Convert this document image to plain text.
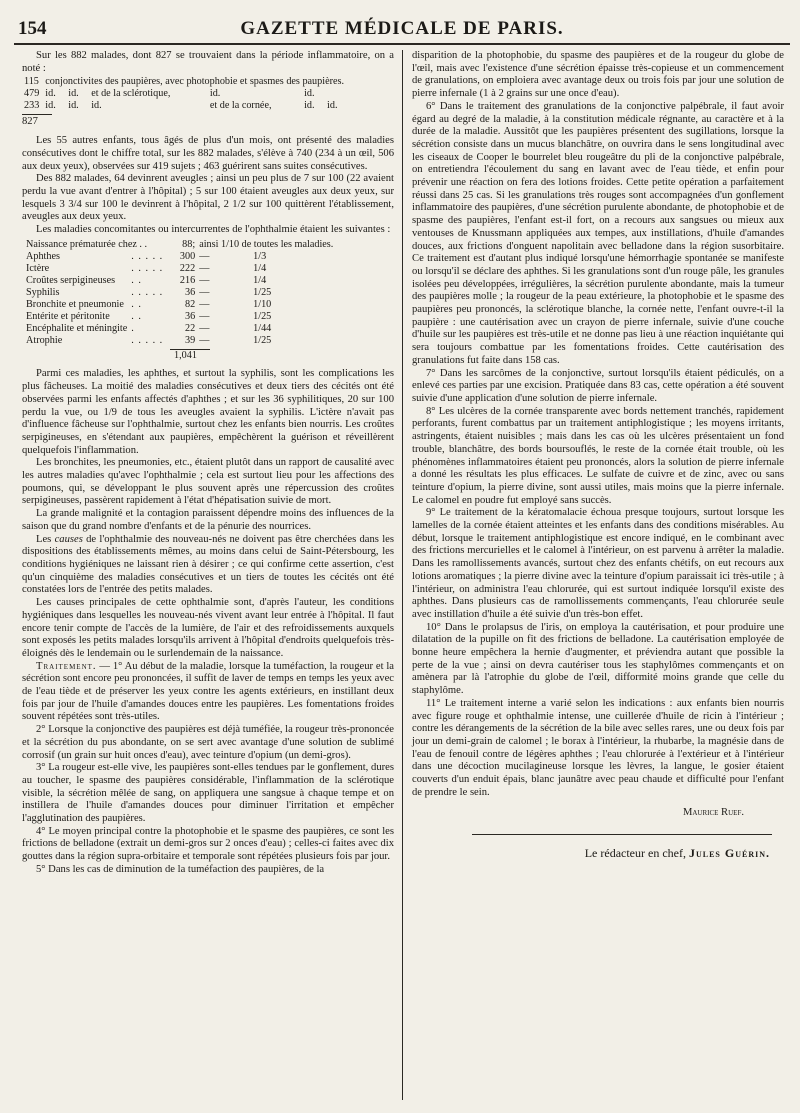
154	GAZETTE MÉDICALE DE PARIS.

Sur les 882 malades, dont 827 se trouvaient dans la période inflammatoire, on a noté :

115	conjonctivites des paupières, avec photophobie et spasmes des paupières.					
479	id.	id.	et de la sclérotique,	id.	id.	
233	id.	id.	id.	et de la cornée,	id.	id.
827

Les 55 autres enfants, tous âgés de plus d'un mois, ont présenté des maladies consécutives dont le chiffre total, sur les 882 malades, s'élève à 740 (234 à un œil, 506 aux deux yeux), observées sur 419 sujets ; 463 guérirent sans suites consécutives.

Des 882 malades, 64 devinrent aveugles ; ainsi un peu plus de 7 sur 100 (22 avaient perdu la vue avant d'entrer à l'hôpital) ; 5 sur 100 étaient aveugles aux deux yeux, sur lesquels 3 3/4 sur 100 le devinrent à l'hôpital, 2 1/2 sur 100 quittèrent l'établissement, aveugles aux deux yeux.

Les maladies concomitantes ou intercurrentes de l'ophthalmie étaient les suivantes :

Naissance prématurée chez . .		88;	ainsi 1/10 de toutes les maladies.	
Aphthes	. . . . .	300	—	1/3
Ictère	. . . . .	222	—	1/4
Croûtes serpigineuses	. .	216	—	1/4
Syphilis	. . . . .	36	—	1/25
Bronchite et pneumonie	. .	82	—	1/10
Entérite et péritonite	. .	36	—	1/25
Encéphalite et méningite	.	22	—	1/44
Atrophie	. . . . .	39	—	1/25
1,041

Parmi ces maladies, les aphthes, et surtout la syphilis, sont les complications les plus fâcheuses. La moitié des maladies consécutives et deux tiers des cécités ont été observées parmi les enfants affectés d'aphthes ; et sur les 36 syphilitiques, 20 sur 100 perdu la vue, ou 1/9 de tous les aveugles avaient la syphilis. L'ictère n'avait pas d'influence fâcheuse sur l'ophthalmie, surtout chez les enfants bien nourris. Les croûtes serpigineuses, en s'étendant aux paupières, empêchèrent la guérison et réveillèrent quelquefois l'inflammation.

Les bronchites, les pneumonies, etc., étaient plutôt dans un rapport de causalité avec les autres maladies qu'avec l'ophthalmie ; cela est surtout lieu pour les affections des poumons, qui, se développant le plus souvent après une répercussion des croûtes serpigineuses, passèrent rapidement à l'état d'hépatisation suivie de mort.

La grande malignité et la contagion paraissent dépendre moins des influences de la saison que du grand nombre d'enfants et de la pénurie des nourrices.

Les causes de l'ophthalmie des nouveau-nés ne doivent pas être cherchées dans les dispositions des établissements mêmes, au moins dans celui de Saint-Pétersbourg, les conditions hygiéniques ne laissant rien à désirer ; ce qui confirme cette assertion, c'est qu'un cinquième des maladies consécutives et un tiers de toutes les cécités ont été constatées lors de l'entrée des petits malades.

Les causes principales de cette ophthalmie sont, d'après l'auteur, les conditions hygiéniques dans lesquelles les nouveau-nés vivent avant leur entrée à l'hôpital. Il faut encore tenir compte de l'accès de la lumière, de l'air et des refroidissements auxquels sont exposés les petits malades lorsqu'ils arrivent à l'hôpital d'endroits quelquefois très-éloignés dès le lendemain ou le surlendemain de la naissance.

Traitement. — 1° Au début de la maladie, lorsque la tuméfaction, la rougeur et la sécrétion sont encore peu prononcées, il suffit de laver de temps en temps les yeux avec de l'eau tiède et de préserver les yeux contre les agents extérieurs, en instillant deux fois par jour de l'huile d'amandes douces entre les paupières. Les fomentations froides souvent répétées sont très-utiles.

2° Lorsque la conjonctive des paupières est déjà tuméfiée, la rougeur très-prononcée et la sécrétion du pus abondante, on se sert avec avantage d'une solution de sublimé corrosif (un grain sur huit onces d'eau), avec teinture d'opium (un demi-gros).

3° La rougeur est-elle vive, les paupières sont-elles tendues par le gonflement, dures au toucher, le spasme des paupières considérable, l'inflammation de la sclérotique visible, la sécrétion mêlée de sang, on appliquera une sangsue à chaque tempe et on instillera de l'huile d'amandes douces pour diminuer l'irritation et empêcher l'agglutination des paupières.

4° Le moyen principal contre la photophobie et le spasme des paupières, ce sont les frictions de belladone (extrait un demi-gros sur 2 onces d'eau) ; celles-ci faites avec dix gouttes dans la région supra-orbitaire et temporale sont répétées plusieurs fois par jour.

5° Dans les cas de diminution de la tuméfaction des paupières, de la

disparition de la photophobie, du spasme des paupières et de la rougeur du globe de l'œil, mais avec l'existence d'une sécrétion épaisse très-copieuse et un commencement de granulations, on emploiera avec avantage deux ou trois fois par jour une solution de pierre infernale (1 à 2 grains sur une once d'eau).

6° Dans le traitement des granulations de la conjonctive palpébrale, il faut avoir égard au degré de la maladie, à la constitution médicale régnante, au caractère et à la durée de la maladie. Aussitôt que les paupières présentent des sugillations, lorsque la sécrétion consiste dans un mucus blanchâtre, on ouvrira dans le sens longitudinal avec les ciseaux de Cooper le bourrelet bleu rougeâtre du pli de la conjonctive palpébrale, on entretiendra l'écoulement du sang en lavant avec de l'eau tiède, et enfin pour prévenir une réaction on fera des lotions froides. Cette petite opération a parfaitement réussi dans 25 cas. Si les granulations très rouges sont accompagnées d'un gonflement inflammatoire des paupières, d'une sécrétion purulente abondante, de photophobie et de spasme des paupières, l'enfant est-il fort, on a recours aux sangsues ou mieux aux ventouses de Knussmann appliquées aux tempes, aux instillations, d'huile d'amandes douces, aux frictions d'onguent napolitain avec belladone dans la région susorbitaire. Ce traitement est d'autant plus indiqué lorsqu'une hémorrhagie spontanée se manifeste ou lorsqu'il se déclare des aphthes. Si les granulations sont d'un rouge pâle, les granules isolées peu développées, irrégulières, la sécrétion purulente abondante, mais la tumeur des paupières molle ; la rougeur de la peau extérieure, la photophobie et le spasme des paupières peu prononcés, la sclérotique blanche, la cornée nette, l'enfant ouvre-t-il la paupière : une cautérisation avec un crayon de pierre infernale, suivie d'une couche d'huile sur les paupières est très-utile et ne donne pas lieu à une réaction inquiétante qui sera toujours combattue par les fomentations froides. Cette cautérisation des granulations fut faite dans 158 cas.

7° Dans les sarcômes de la conjonctive, surtout lorsqu'ils étaient pédiculés, on a enlevé ces parties par une excision. Pratiquée dans 83 cas, cette opération a été souvent suivie d'une application d'une solution de pierre infernale.

8° Les ulcères de la cornée transparente avec bords nettement tranchés, rapidement perforants, furent combattus par un traitement antiphlogistique ; les moyens irritants, astringents, étaient nuisibles ; mais dans les cas où les ulcères présentaient un fond trouble, blanchâtre, des bords boursouflés, le reste de la cornée était trouble, où les phénomènes inflammatoires étaient peu prononcés, alors la solution de pierre infernale a donné les résultats les plus efficaces. Le sulfate de cuivre et de zinc, avec ou sans teinture d'opium, la pierre divine, sont aussi utiles, mais moins que la pierre infernale. Le calomel en poudre fut employé sans succès.

9° Le traitement de la kératomalacie échoua presque toujours, surtout lorsque les lamelles de la cornée étaient atteintes et les enfants dans des conditions misérables. Au début, lorsque le traitement antiphlogistique est encore indiqué, en le combinant avec des frictions mercurielles et le calomel à l'intérieur, on est parvenu à arrêter la maladie. Dans les ramollissements avancés, surtout chez des enfants chétifs, on eut recours aux lotions aromatiques ; la pierre divine avec la teinture d'opium paraissait ici très-utile ; à l'intérieur, on administra l'eau chlorurée, qui est surtout indiquée lorsqu'il existe des aphthes. Dans plusieurs cas de ramollissements commençants, l'eau chlorurée seule avec instillation d'huile a été suivie d'un très-bon effet.

10° Dans le prolapsus de l'iris, on employa la cautérisation, et pour produire une dilatation de la pupille on fit des frictions de belladone. La cautérisation employée de bonne heure empêchera la hernie d'augmenter, et préviendra autant que possible la perte de la vue ; ainsi on devra cautériser tous les staphylômes commençants et on amènera par là l'atrophie du globe de l'œil, difformité moins grande que celle du staphylôme.

11° Le traitement interne a varié selon les indications : aux enfants bien nourris avec figure rouge et ophthalmie intense, une cuillerée d'huile de ricin à l'intérieur ; contre les dérangements de la sécrétion de la bile avec selles rares, une ou deux fois par jour un demi-grain de calomel ; le borax à l'intérieur, la rhubarbe, la magnésie dans de l'eau de fenouil contre de légères aphthes ; l'eau chlorurée à l'extérieur et à l'intérieur dans une décoction mucilagineuse lorsque les lèvres, la langue, le gosier étaient couverts d'un enduit épais, blanc jaunâtre avec peau chaude et difficulté pour l'enfant de prendre le sein.

Maurice Ruef.
Le rédacteur en chef, Jules Guérin.
